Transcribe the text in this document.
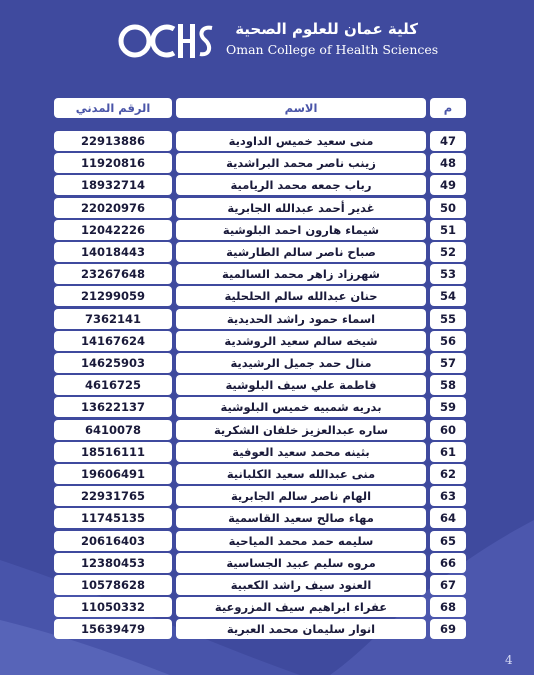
كلية عمان للعلوم الصحية
Oman College of Health Sciences
الرقم المدني	الاسم	م
22913886	منى سعيد خميس الداودية	47
11920816	زينب ناصر محمد البراشدية	48
18932714	رباب جمعه محمد الريامية	49
22020976	غدير أحمد عبدالله الجابرية	50
12042226	شيماء هارون احمد البلوشية	51
14018443	صباح ناصر سالم الطارشية	52
23267648	شهرزاد زاهر محمد السالمية	53
21299059	حنان عبدالله سالم الحلحلية	54
7362141	اسماء حمود راشد الحديدية	55
14167624	شيخه سالم سعيد الروشدية	56
14625903	منال حمد جميل الرشيدية	57
4616725	فاطمة علي سيف البلوشية	58
13622137	بدريه شمبيه خميس البلوشية	59
6410078	ساره عبدالعزيز خلفان الشكرية	60
18516111	بثينه محمد سعيد العوفية	61
19606491	منى عبدالله سعيد الكلبانية	62
22931765	الهام ناصر سالم الجابرية	63
11745135	مهاء صالح سعيد القاسمية	64
20616403	سليمه حمد محمد المياحية	65
12380453	مروه سليم عبيد الجساسية	66
10578628	العنود سيف راشد الكعبية	67
11050332	عفراء ابراهيم سيف المزروعية	68
15639479	انوار سليمان محمد العبرية	69
4
